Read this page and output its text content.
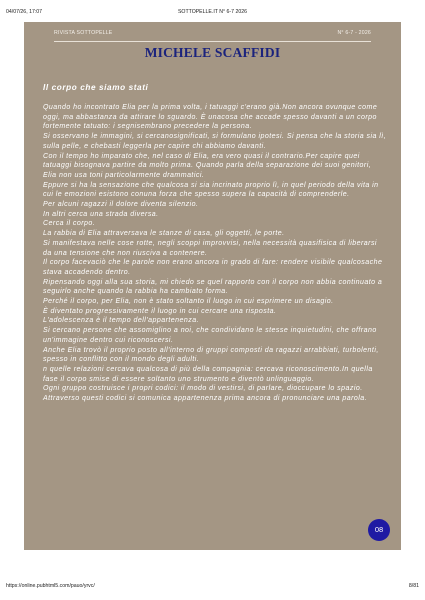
04/07/26, 17:07	SOTTOPELLE.IT N° 6-7 2026
RIVISTA SOTTOPELLE	N° 6-7 - 2026
MICHELE SCAFFIDI
Il corpo che siamo stati

Quando ho incontrato Elia per la prima volta, i tatuaggi c'erano già.Non ancora ovunque come oggi, ma abbastanza da attirare lo sguardo. È unacosa che accade spesso davanti a un corpo fortemente tatuato: i segnisembrano precedere la persona.

Si osservano le immagini, si cercanosignificati, si formulano ipotesi. Si pensa che la storia sia lì, sulla pelle, e chebasti leggerla per capire chi abbiamo davanti.

Con il tempo ho imparato che, nel caso di Elia, era vero quasi il contrario.Per capire quei tatuaggi bisognava partire da molto prima. Quando parla della separazione dei suoi genitori, Elia non usa toni particolarmente drammatici.

Eppure si ha la sensazione che qualcosa si sia incrinato proprio lì, in quel periodo della vita in cui le emozioni esistono conuna forza che spesso supera la capacità di comprenderle.

Per alcuni ragazzi il dolore diventa silenzio.

In altri cerca una strada diversa.

Cerca il corpo.

La rabbia di Elia attraversava le stanze di casa, gli oggetti, le porte.

Si manifestava nelle cose rotte, negli scoppi improvvisi, nella necessità quasifisica di liberarsi da una tensione che non riusciva a contenere.

Il corpo facevaciò che le parole non erano ancora in grado di fare: rendere visibile qualcosache stava accadendo dentro.

Ripensando oggi alla sua storia, mi chiedo se quel rapporto con il corpo non abbia continuato a seguirlo anche quando la rabbia ha cambiato forma.

Perché il corpo, per Elia, non è stato soltanto il luogo in cui esprimere un disagio.

È diventato progressivamente il luogo in cui cercare una risposta.

L'adolescenza è il tempo dell'appartenenza.

Si cercano persone che assomiglino a noi, che condividano le stesse inquietudini, che offrano un'immagine dentro cui riconoscersi.

Anche Elia trovò il proprio posto all'interno di gruppi composti da ragazzi arrabbiati, turbolenti, spesso in conflitto con il mondo degli adulti.

n quelle relazioni cercava qualcosa di più della compagnia: cercava riconoscimento.In quella fase il corpo smise di essere soltanto uno strumento e diventò unlinguaggio.

Ogni gruppo costruisce i propri codici: il modo di vestirsi, di parlare, dioccupare lo spazio. Attraverso questi codici si comunica appartenenza prima ancora di pronunciare una parola.

08
https://online.pubhtml5.com/pauo/yrvc/	8/81
